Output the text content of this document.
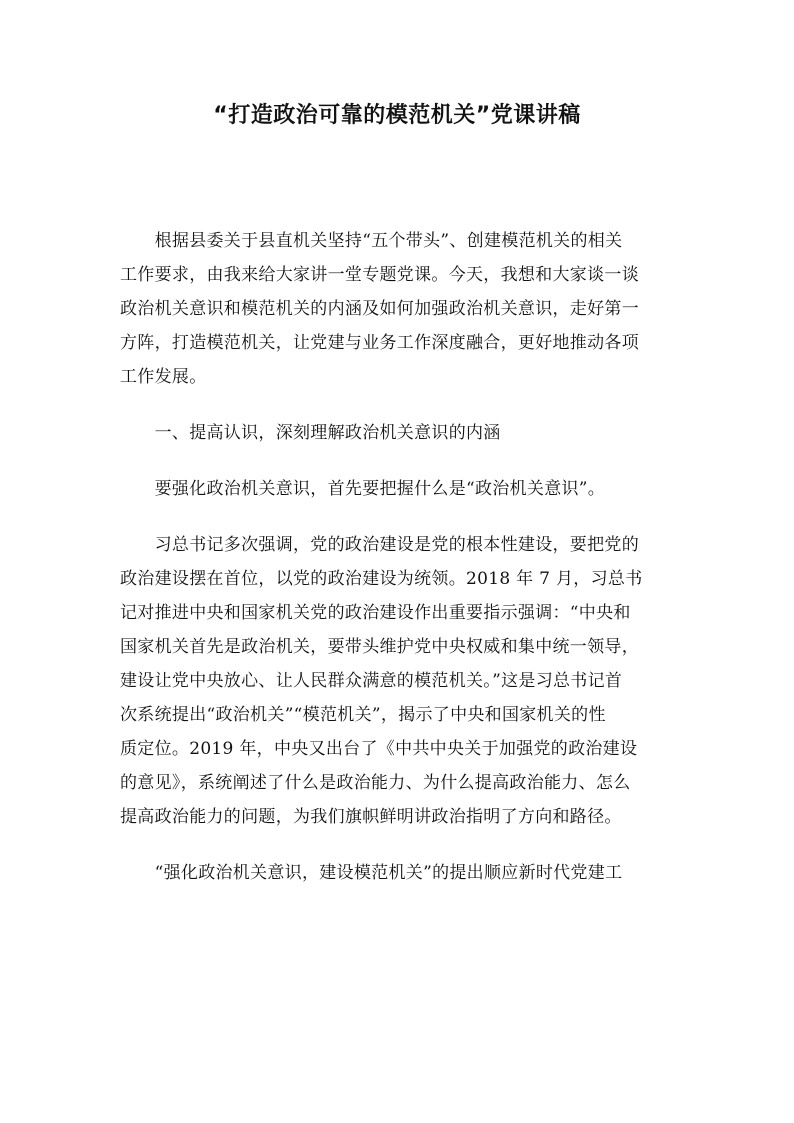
“打造政治可靠的模范机关”党课讲稿
　　根据县委关于县直机关坚持“五个带头”、创建模范机关的相关
工作要求，由我来给大家讲一堂专题党课。今天，我想和大家谈一谈
政治机关意识和模范机关的内涵及如何加强政治机关意识，走好第一
方阵，打造模范机关，让党建与业务工作深度融合，更好地推动各项
工作发展。
　　一、提高认识，深刻理解政治机关意识的内涵
　　要强化政治机关意识，首先要把握什么是“政治机关意识”。
　　习总书记多次强调，党的政治建设是党的根本性建设，要把党的
政治建设摆在首位，以党的政治建设为统领。2018 年 7 月，习总书
记对推进中央和国家机关党的政治建设作出重要指示强调：“中央和
国家机关首先是政治机关，要带头维护党中央权威和集中统一领导，
建设让党中央放心、让人民群众满意的模范机关。”这是习总书记首
次系统提出“政治机关”“模范机关”，揭示了中央和国家机关的性
质定位。2019 年，中央又出台了《中共中央关于加强党的政治建设
的意见》，系统阐述了什么是政治能力、为什么提高政治能力、怎么
提高政治能力的问题，为我们旗帜鲜明讲政治指明了方向和路径。
　　“强化政治机关意识，建设模范机关”的提出顺应新时代党建工
